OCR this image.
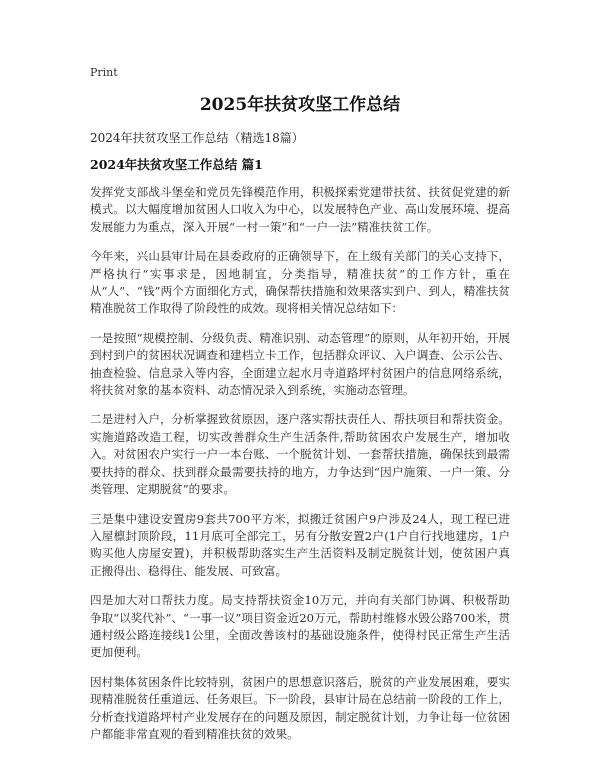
Print
2025年扶贫攻坚工作总结
2024年扶贫攻坚工作总结（精选18篇）
2024年扶贫攻坚工作总结 篇1

发挥党支部战斗堡垒和党员先锋模范作用，积极探索党建带扶贫、扶贫促党建的新模式。以大幅度增加贫困人口收入为中心，以发展特色产业、高山发展环境、提高发展能力为重点，深入开展“一村一策”和“一户一法”精准扶贫工作。

今年来，兴山县审计局在县委政府的正确领导下，在上级有关部门的关心支持下，严格执行“实事求是，因地制宜，分类指导，精准扶贫”的工作方针，重在从“人”、“钱”两个方面细化方式，确保帮扶措施和效果落实到户、到人，精准扶贫精准脱贫工作取得了阶段性的成效。现将相关情况总结如下：

一是按照“规模控制、分级负责、精准识别、动态管理”的原则，从年初开始，开展到村到户的贫困状况调查和建档立卡工作，包括群众评议、入户调查、公示公告、抽查检验、信息录入等内容，全面建立起水月寺道路坪村贫困户的信息网络系统，将扶贫对象的基本资料、动态情况录入到系统，实施动态管理。

二是进村入户，分析掌握致贫原因，逐户落实帮扶责任人、帮扶项目和帮扶资金。实施道路改造工程，切实改善群众生产生活条件,帮助贫困农户发展生产，增加收入。对贫困农户实行一户一本台账、一个脱贫计划、一套帮扶措施，确保扶到最需要扶持的群众、扶到群众最需要扶持的地方，力争达到“因户施策、一户一策、分类管理、定期脱贫”的要求。

三是集中建设安置房9套共700平方米，拟搬迁贫困户9户涉及24人，现工程已进入屋檩封顶阶段，11月底可全部完工，另有分散安置2户(1户自行找地建房，1户购买他人房屋安置)，并积极帮助落实生产生活资料及制定脱贫计划，使贫困户真正搬得出、稳得住、能发展、可致富。

四是加大对口帮扶力度。局支持帮扶资金10万元，并向有关部门协调、积极帮助争取“以奖代补”、“一事一议”项目资金近20万元，帮助村维修水毁公路700米，贯通村级公路连接线1公里，全面改善该村的基础设施条件，使得村民正常生产生活更加便利。

因村集体贫困条件比较特别，贫困户的思想意识落后，脱贫的产业发展困难，要实现精准脱贫任重道远、任务艰巨。下一阶段，县审计局在总结前一阶段的工作上，分析查找道路坪村产业发展存在的问题及原因，制定脱贫计划，力争让每一位贫困户都能非常直观的看到精准扶贫的效果。
